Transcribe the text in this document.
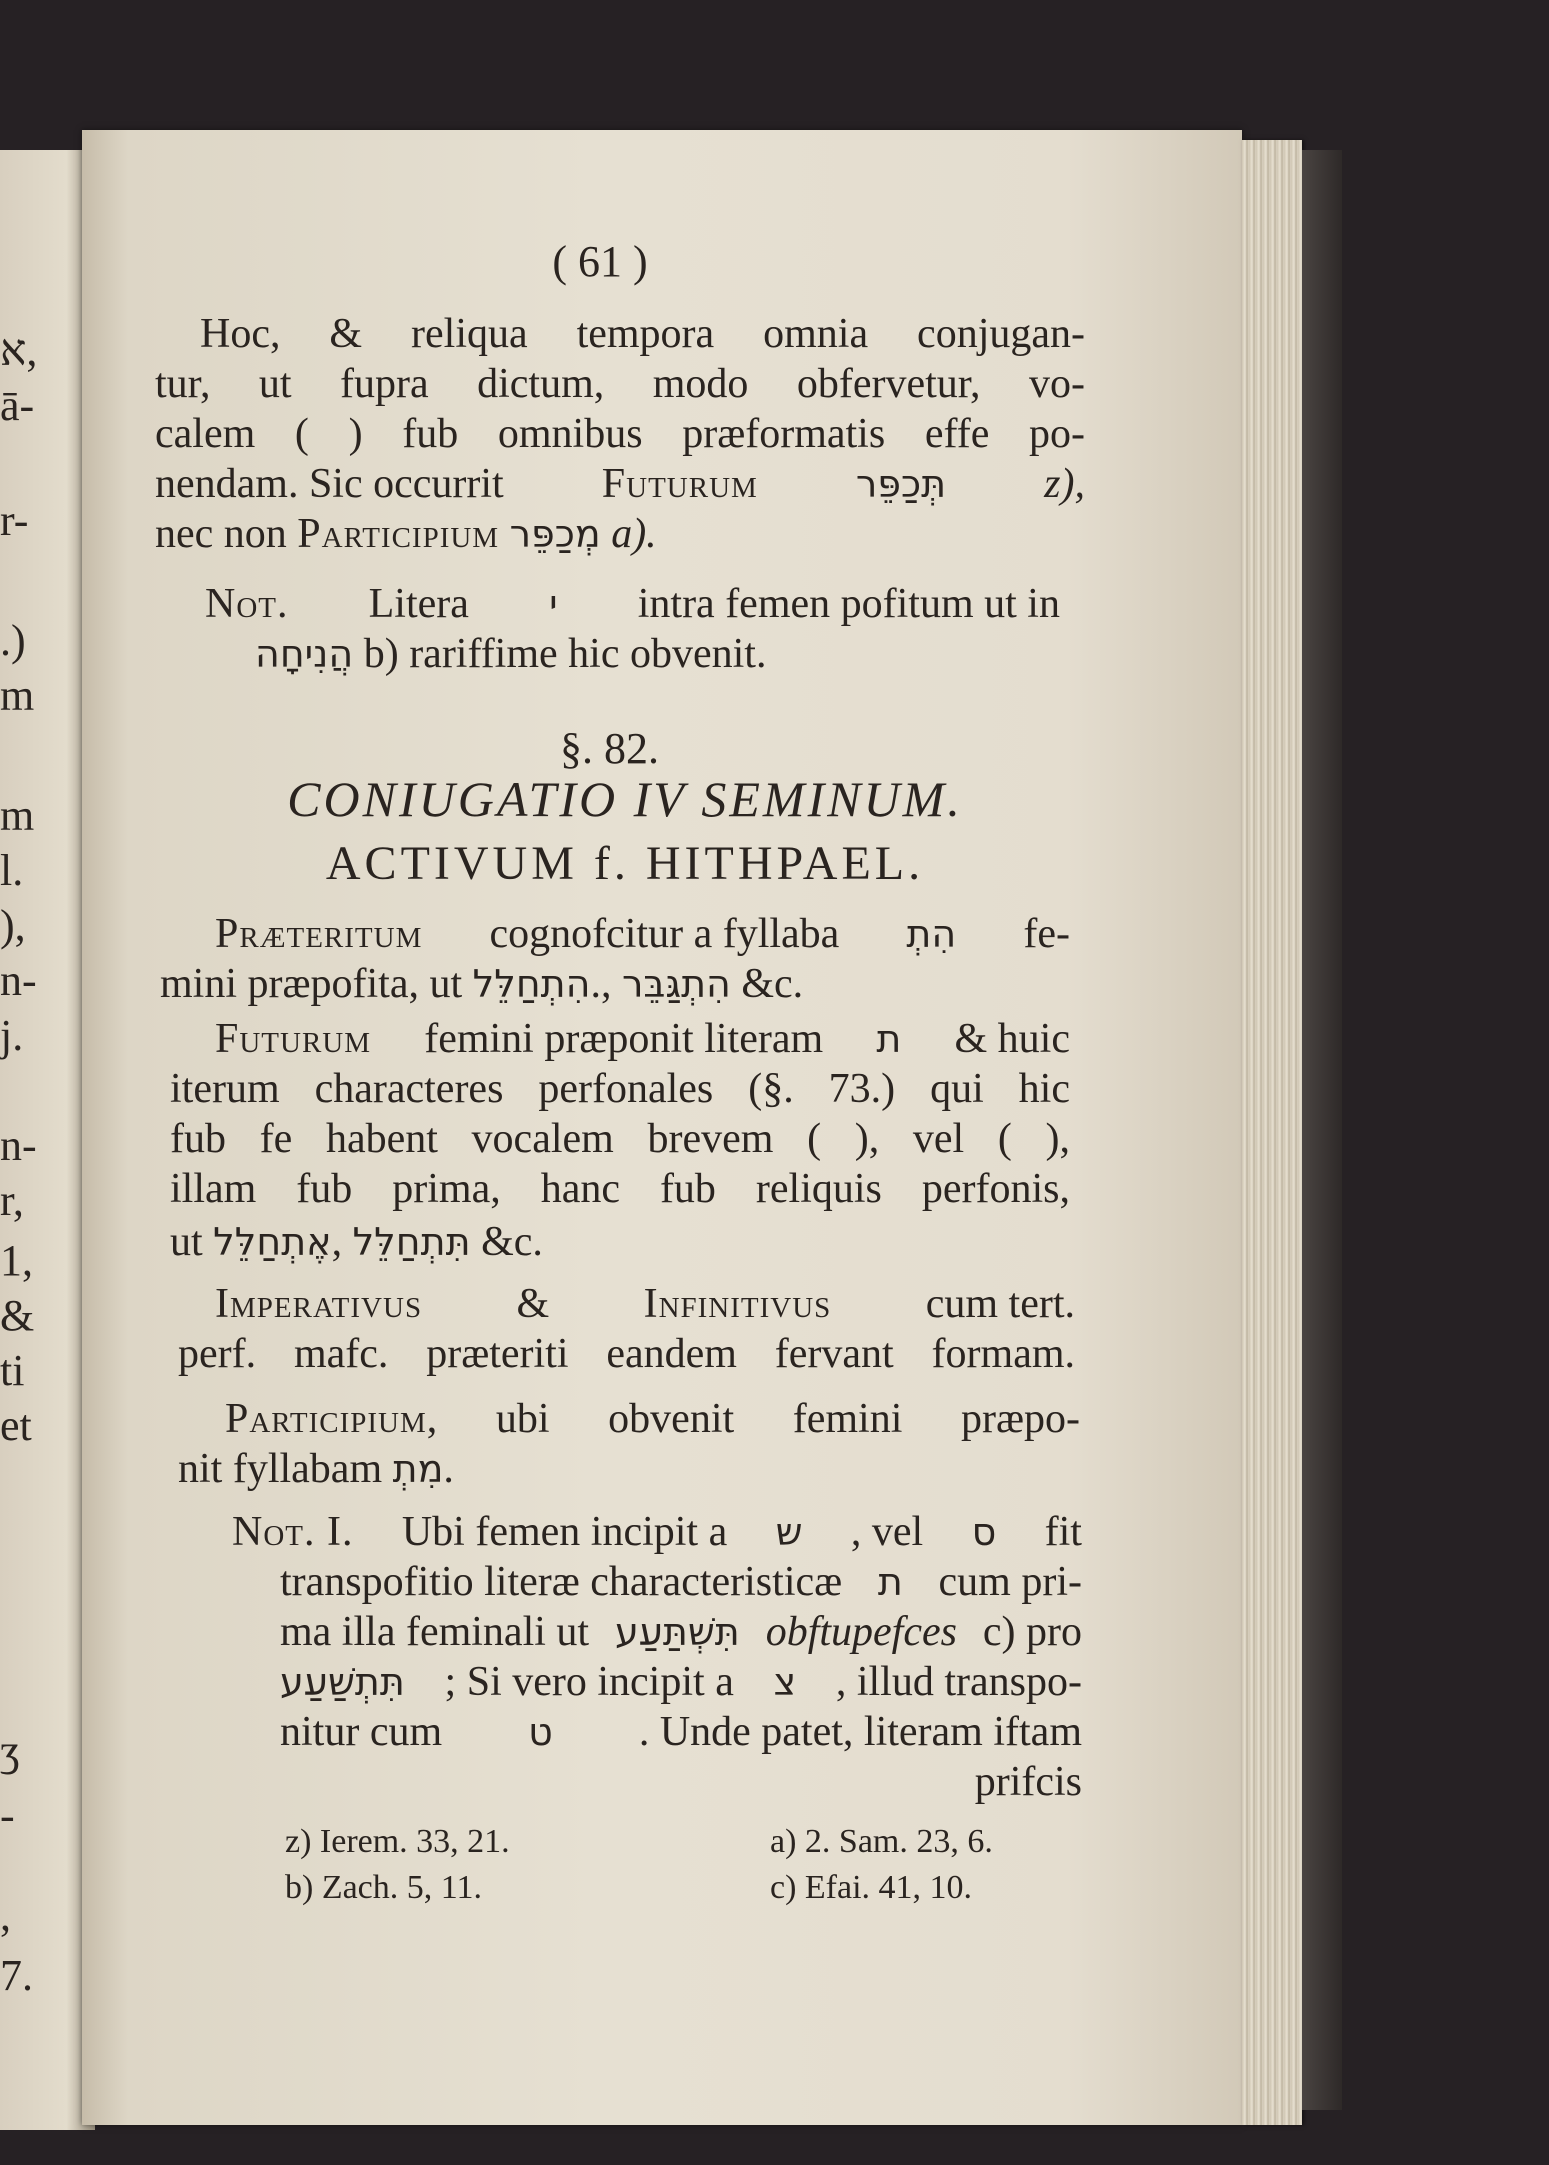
א,
ā-
r-
.)
m
m
l.
),
n-
j.
n-
r,
1,
&
ti
et
ʒ
-
,
7.
( 61 )
Hoc, & reliqua tempora omnia conjugan-
tur, ut fupra dictum, modo obfervetur, vo-
calem ( ) fub omnibus præformatis effe po-
nendam. Sic occurrit Futurum	תְּכַפֵּר z),
nec non Participium מְכַפֵּר a).
Not. Litera י intra femen pofitum ut in
הֲנִיחָה b) rariffime hic obvenit.
§. 82.
CONIUGATIO IV SEMINUM.
ACTIVUM f. HITHPAEL.
Præteritum cognofcitur a fyllaba הִתְ fe-
mini præpofita, ut הִתְחַלֵּל., הִתְגַּבֵּר &c.
Futurum femini præponit literam ת & huic
iterum characteres perfonales (§. 73.) qui hic
fub fe habent vocalem brevem ( ), vel ( ),
illam fub prima, hanc fub reliquis perfonis,
ut אֶתְחַלֵּל, תִּתְחַלֵּל &c.
Imperativus & Infinitivus cum tert.
perf. mafc. præteriti eandem fervant formam.
Participium , ubi obvenit femini præpo-
nit fyllabam מִתְ.
Not. I. Ubi femen incipit a ש , vel ס fit
transpofitio literæ characteristicæ ת cum pri-
ma illa feminali ut תִּשְׁתַּעַע obftupefces c) pro
תִּתְשַׁעַע ; Si vero incipit a צ , illud transpo-
nitur cum ט . Unde patet, literam iftam
prifcis
z) Ierem. 33, 21.	a) 2. Sam. 23, 6.
b) Zach. 5, 11.	c) Efai. 41, 10.
